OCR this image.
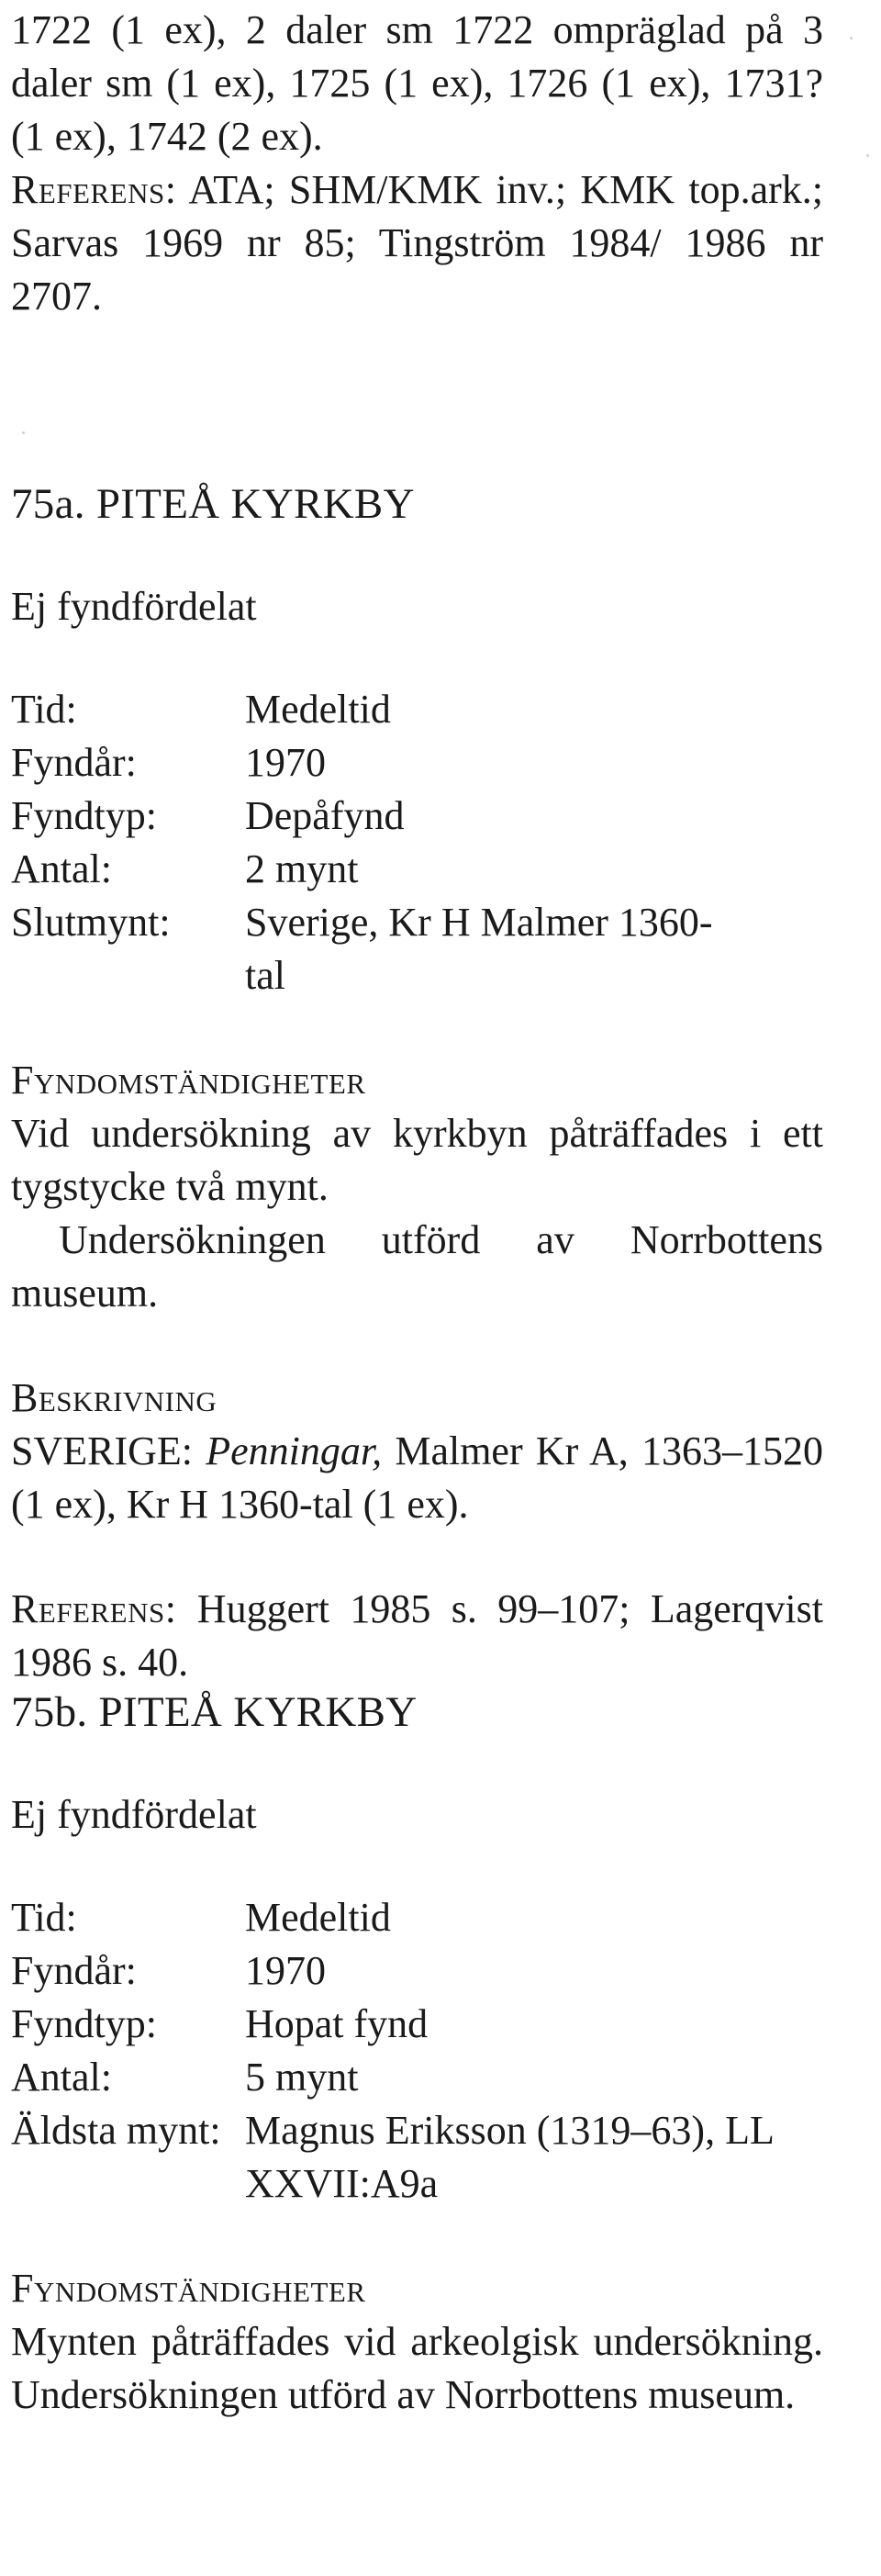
1722 (1 ex), 2 daler sm 1722 ompräglad på 3 daler sm (1 ex), 1725 (1 ex), 1726 (1 ex), 1731? (1 ex), 1742 (2 ex).

Referens: ATA; SHM/KMK inv.; KMK top.ark.; Sarvas 1969 nr 85; Tingström 1984/ 1986 nr 2707.

75a. PITEÅ KYRKBY
Ej fyndfördelat
Tid:	Medeltid
Fyndår:	1970
Fyndtyp:	Depåfynd
Antal:	2 mynt
Slutmynt:	Sverige, Kr H Malmer 1360-tal
Fyndomständigheter

Vid undersökning av kyrkbyn påträffades i ett tygstycke två mynt.

Undersökningen utförd av Norrbottens museum.

Beskrivning

SVERIGE: Penningar, Malmer Kr A, 1363–1520 (1 ex), Kr H 1360-tal (1 ex).

Referens: Huggert 1985 s. 99–107; Lagerqvist 1986 s. 40.

75b. PITEÅ KYRKBY
Ej fyndfördelat
Tid:	Medeltid
Fyndår:	1970
Fyndtyp:	Hopat fynd
Antal:	5 mynt
Äldsta mynt:	Magnus Eriksson (1319–63), LL XXVII:A9a
Fyndomständigheter

Mynten påträffades vid arkeolgisk undersökning. Undersökningen utförd av Norrbottens museum.
